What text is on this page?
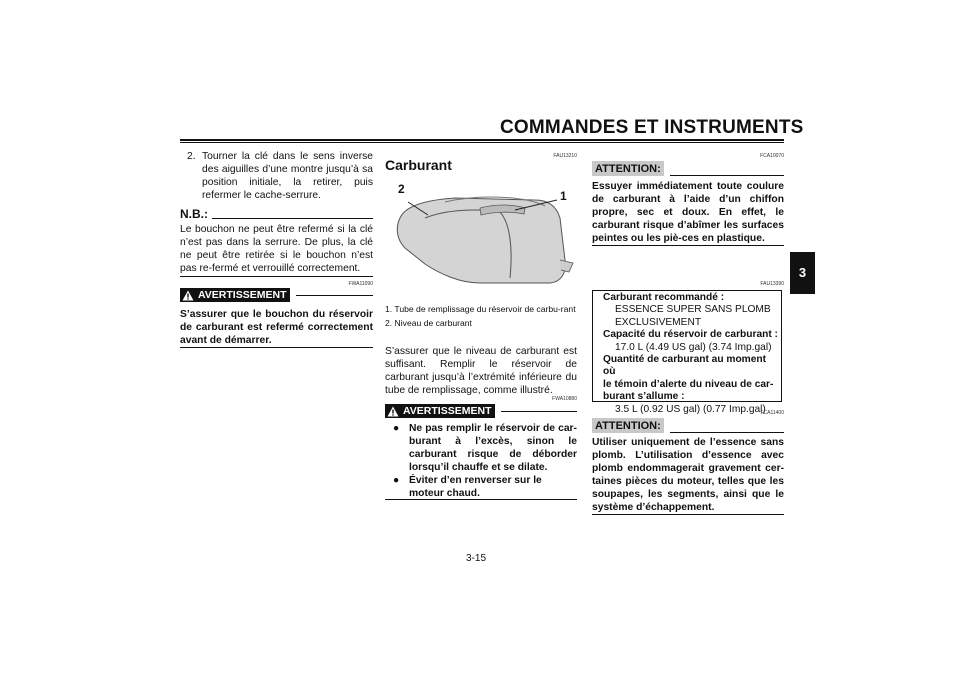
COMMANDES ET INSTRUMENTS
3
2. Tourner la clé dans le sens inverse des aiguilles d’une montre jusqu’à sa position initiale, la retirer, puis refermer le cache-serrure.
N.B.:
Le bouchon ne peut être refermé si la clé n’est pas dans la serrure. De plus, la clé ne peut être retirée si le bouchon n’est pas re-fermé et verrouillé correctement.
FWA11090
AVERTISSEMENT
S’assurer que le bouchon du réservoir de carburant est refermé correctement avant de démarrer.
FAU13210
Carburant
2	1
1. Tube de remplissage du réservoir de carbu-rant
2. Niveau de carburant
S’assurer que le niveau de carburant est suffisant. Remplir le réservoir de carburant jusqu’à l’extrémité inférieure du tube de remplissage, comme illustré.
FWA10880
AVERTISSEMENT
● Ne pas remplir le réservoir de car-burant à l’excès, sinon le carburant risque de déborder lorsqu’il chauffe et se dilate.
● Éviter d’en renverser sur le moteur chaud.
FCA10070
ATTENTION:
Essuyer immédiatement toute coulure de carburant à l’aide d’un chiffon propre, sec et doux. En effet, le carburant risque d’abîmer les surfaces peintes ou les piè-ces en plastique.
FAU13390
Carburant recommandé :
ESSENCE SUPER SANS PLOMB
EXCLUSIVEMENT
Capacité du réservoir de carburant :
17.0 L (4.49 US gal) (3.74 Imp.gal)
Quantité de carburant au moment où
le témoin d’alerte du niveau de car-
burant s’allume :
3.5 L (0.92 US gal) (0.77 Imp.gal)
FCA11400
ATTENTION:
Utiliser uniquement de l’essence sans plomb. L’utilisation d’essence avec plomb endommagerait gravement cer-taines pièces du moteur, telles que les soupapes, les segments, ainsi que le système d’échappement.
3-15
